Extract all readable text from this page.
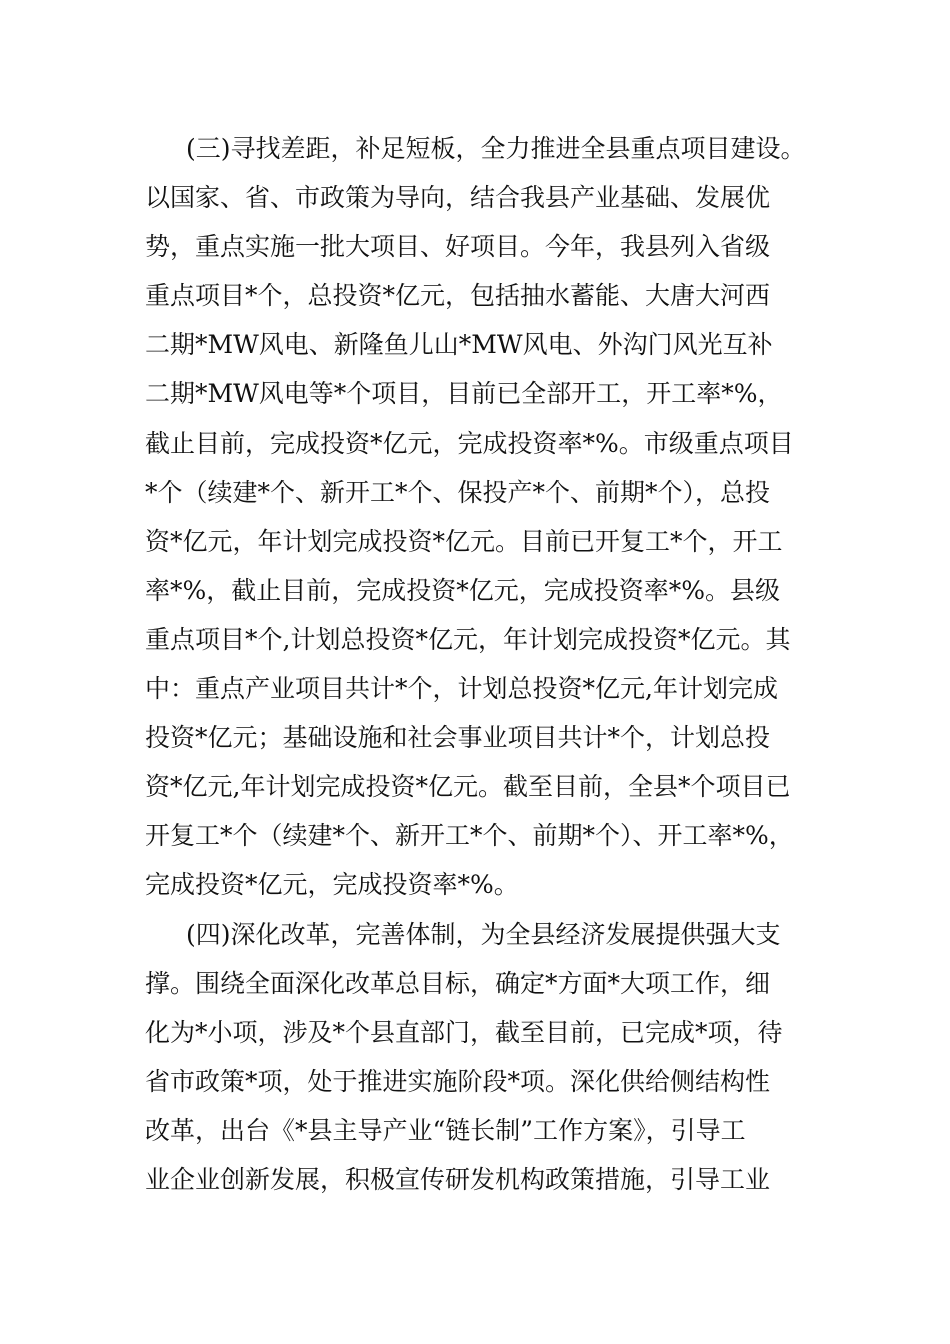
(三)寻找差距，补足短板，全力推进全县重点项目建设。
以国家、省、市政策为导向，结合我县产业基础、发展优
势，重点实施一批大项目、好项目。今年，我县列入省级
重点项目*个，总投资*亿元，包括抽水蓄能、大唐大河西
二期*MW风电、新隆鱼儿山*MW风电、外沟门风光互补
二期*MW风电等*个项目，目前已全部开工，开工率*%，
截止目前，完成投资*亿元，完成投资率*%。市级重点项目
*个（续建*个、新开工*个、保投产*个、前期*个），总投
资*亿元，年计划完成投资*亿元。目前已开复工*个，开工
率*%，截止目前，完成投资*亿元，完成投资率*%。县级
重点项目*个,计划总投资*亿元，年计划完成投资*亿元。其
中：重点产业项目共计*个，计划总投资*亿元,年计划完成
投资*亿元；基础设施和社会事业项目共计*个，计划总投
资*亿元,年计划完成投资*亿元。截至目前，全县*个项目已
开复工*个（续建*个、新开工*个、前期*个）、开工率*%，
完成投资*亿元，完成投资率*%。
(四)深化改革，完善体制，为全县经济发展提供强大支
撑。围绕全面深化改革总目标，确定*方面*大项工作，细
化为*小项，涉及*个县直部门，截至目前，已完成*项，待
省市政策*项，处于推进实施阶段*项。深化供给侧结构性
改革，出台《*县主导产业“链长制”工作方案》，引导工
业企业创新发展，积极宣传研发机构政策措施，引导工业
